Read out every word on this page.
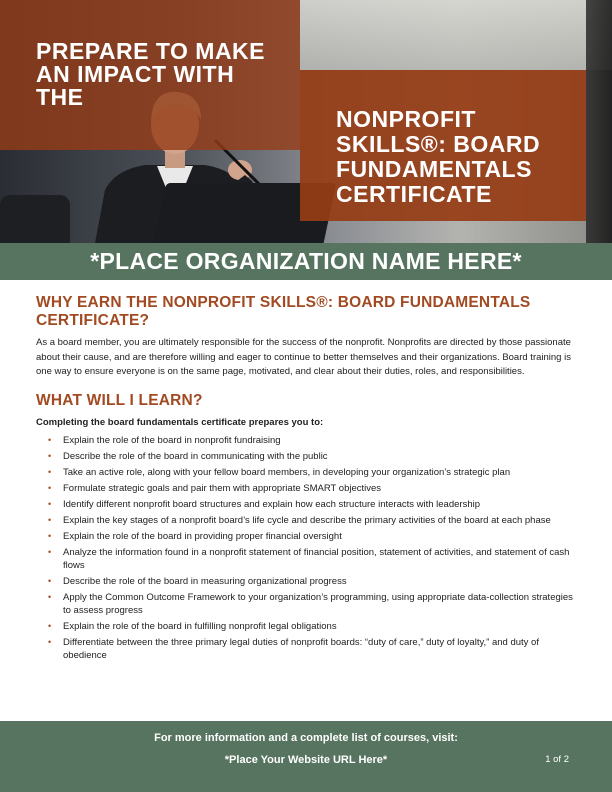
PREPARE TO MAKE AN IMPACT WITH THE
NONPROFIT SKILLS®: BOARD FUNDAMENTALS CERTIFICATE
*PLACE ORGANIZATION NAME HERE*
WHY EARN THE NONPROFIT SKILLS®: BOARD FUNDAMENTALS CERTIFICATE?

As a board member, you are ultimately responsible for the success of the nonprofit. Nonprofits are directed by those passionate about their cause, and are therefore willing and eager to continue to better themselves and their organizations. Board training is one way to ensure everyone is on the same page, motivated, and clear about their duties, roles, and responsibilities.

WHAT WILL I LEARN?

Completing the board fundamentals certificate prepares you to:

• Explain the role of the board in nonprofit fundraising
• Describe the role of the board in communicating with the public
• Take an active role, along with your fellow board members, in developing your organization’s strategic plan
• Formulate strategic goals and pair them with appropriate SMART objectives
• Identify different nonprofit board structures and explain how each structure interacts with leadership
• Explain the key stages of a nonprofit board’s life cycle and describe the primary activities of the board at each phase
• Explain the role of the board in providing proper financial oversight
• Analyze the information found in a nonprofit statement of financial position, statement of activities, and statement of cash flows
• Describe the role of the board in measuring organizational progress
• Apply the Common Outcome Framework to your organization’s programming, using appropriate data-collection strategies to assess progress
• Explain the role of the board in fulfilling nonprofit legal obligations
• Differentiate between the three primary legal duties of nonprofit boards: “duty of care,” duty of loyalty,” and duty of obedience
For more information and a complete list of courses, visit:
*Place Your Website URL Here*	1 of 2
